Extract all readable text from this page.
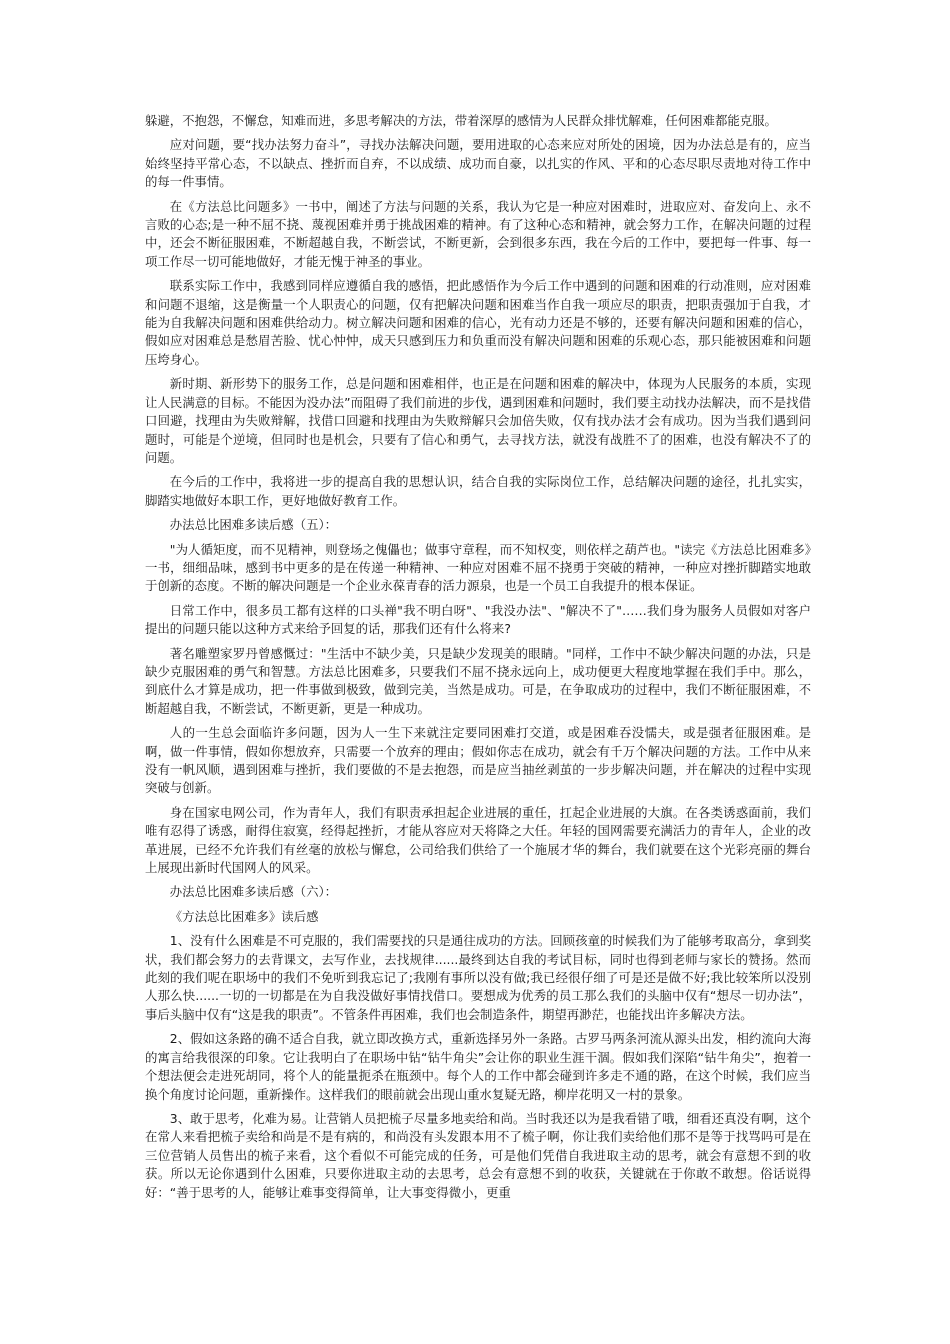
躲避，不抱怨，不懈怠，知难而进，多思考解决的方法，带着深厚的感情为人民群众排忧解难，任何困难都能克服。

应对问题，要“找办法努力奋斗”，寻找办法解决问题，要用进取的心态来应对所处的困境，因为办法总是有的，应当始终坚持平常心态，不以缺点、挫折而自弃，不以成绩、成功而自豪，以扎实的作风、平和的心态尽职尽责地对待工作中的每一件事情。

在《方法总比问题多》一书中，阐述了方法与问题的关系，我认为它是一种应对困难时，进取应对、奋发向上、永不言败的心态;是一种不屈不挠、蔑视困难并勇于挑战困难的精神。有了这种心态和精神，就会努力工作，在解决问题的过程中，还会不断征服困难，不断超越自我，不断尝试，不断更新，会到很多东西，我在今后的工作中，要把每一件事、每一项工作尽一切可能地做好，才能无愧于神圣的事业。

联系实际工作中，我感到同样应遵循自我的感悟，把此感悟作为今后工作中遇到的问题和困难的行动准则，应对困难和问题不退缩，这是衡量一个人职责心的问题，仅有把解决问题和困难当作自我一项应尽的职责，把职责强加于自我，才能为自我解决问题和困难供给动力。树立解决问题和困难的信心，光有动力还是不够的，还要有解决问题和困难的信心，假如应对困难总是愁眉苦脸、忧心忡忡，成天只感到压力和负重而没有解决问题和困难的乐观心态，那只能被困难和问题压垮身心。

新时期、新形势下的服务工作，总是问题和困难相伴，也正是在问题和困难的解决中，体现为人民服务的本质，实现让人民满意的目标。不能因为没办法”而阻碍了我们前进的步伐，遇到困难和问题时，我们要主动找办法解决，而不是找借口回避，找理由为失败辩解，找借口回避和找理由为失败辩解只会加倍失败，仅有找办法才会有成功。因为当我们遇到问题时，可能是个逆境，但同时也是机会，只要有了信心和勇气，去寻找方法，就没有战胜不了的困难，也没有解决不了的问题。

在今后的工作中，我将进一步的提高自我的思想认识，结合自我的实际岗位工作，总结解决问题的途径，扎扎实实，脚踏实地做好本职工作，更好地做好教育工作。

办法总比困难多读后感（五）：

"为人循矩度，而不见精神，则登场之傀儡也；做事守章程，而不知权变，则依样之葫芦也。"读完《方法总比困难多》一书，细细品味，感到书中更多的是在传递一种精神、一种应对困难不屈不挠勇于突破的精神，一种应对挫折脚踏实地敢于创新的态度。不断的解决问题是一个企业永葆青春的活力源泉，也是一个员工自我提升的根本保证。

日常工作中，很多员工都有这样的口头禅"我不明白呀"、"我没办法"、"解决不了"……我们身为服务人员假如对客户提出的问题只能以这种方式来给予回复的话，那我们还有什么将来?

著名雕塑家罗丹曾感慨过："生活中不缺少美，只是缺少发现美的眼睛。"同样，工作中不缺少解决问题的办法，只是缺少克服困难的勇气和智慧。方法总比困难多，只要我们不屈不挠永远向上，成功便更大程度地掌握在我们手中。那么，到底什么才算是成功，把一件事做到极致，做到完美，当然是成功。可是，在争取成功的过程中，我们不断征服困难，不断超越自我，不断尝试，不断更新，更是一种成功。

人的一生总会面临许多问题，因为人一生下来就注定要同困难打交道，或是困难吞没懦夫，或是强者征服困难。是啊，做一件事情，假如你想放弃，只需要一个放弃的理由；假如你志在成功，就会有千万个解决问题的方法。工作中从来没有一帆风顺，遇到困难与挫折，我们要做的不是去抱怨，而是应当抽丝剥茧的一步步解决问题，并在解决的过程中实现突破与创新。

身在国家电网公司，作为青年人，我们有职责承担起企业进展的重任，扛起企业进展的大旗。在各类诱惑面前，我们唯有忍得了诱惑，耐得住寂寞，经得起挫折，才能从容应对天将降之大任。年轻的国网需要充满活力的青年人，企业的改革进展，已经不允许我们有丝毫的放松与懈怠，公司给我们供给了一个施展才华的舞台，我们就要在这个光彩亮丽的舞台上展现出新时代国网人的风采。

办法总比困难多读后感（六）：

《方法总比困难多》读后感

1、没有什么困难是不可克服的，我们需要找的只是通往成功的方法。回顾孩童的时候我们为了能够考取高分，拿到奖状，我们都会努力的去背课文，去写作业，去找规律......最终到达自我的考试目标，同时也得到老师与家长的赞扬。然而此刻的我们呢在职场中的我们不免听到我忘记了;我刚有事所以没有做;我已经很仔细了可是还是做不好;我比较笨所以没别人那么快......一切的一切都是在为自我没做好事情找借口。要想成为优秀的员工那么我们的头脑中仅有“想尽一切办法”，事后头脑中仅有“这是我的职责”。不管条件再困难，我们也会制造条件，期望再渺茫，也能找出许多解决方法。

2、假如这条路的确不适合自我，就立即改换方式，重新选择另外一条路。古罗马两条河流从源头出发，相约流向大海的寓言给我很深的印象。它让我明白了在职场中钻“钻牛角尖”会让你的职业生涯干涸。假如我们深陷“钻牛角尖”，抱着一个想法便会走进死胡同，将个人的能量扼杀在瓶颈中。每个人的工作中都会碰到许多走不通的路，在这个时候，我们应当换个角度讨论问题，重新操作。这样我们的眼前就会出现山重水复疑无路，柳岸花明又一村的景象。

3、敢于思考，化难为易。让营销人员把梳子尽量多地卖给和尚。当时我还以为是我看错了哦，细看还真没有啊，这个在常人来看把梳子卖给和尚是不是有病的，和尚没有头发跟本用不了梳子啊，你让我们卖给他们那不是等于找骂吗可是在三位营销人员售出的梳子来看，这个看似不可能完成的任务，可是他们凭借自我进取主动的思考，就会有意想不到的收获。所以无论你遇到什么困难，只要你进取主动的去思考，总会有意想不到的收获，关键就在于你敢不敢想。俗话说得好：“善于思考的人，能够让难事变得简单，让大事变得微小，更重
